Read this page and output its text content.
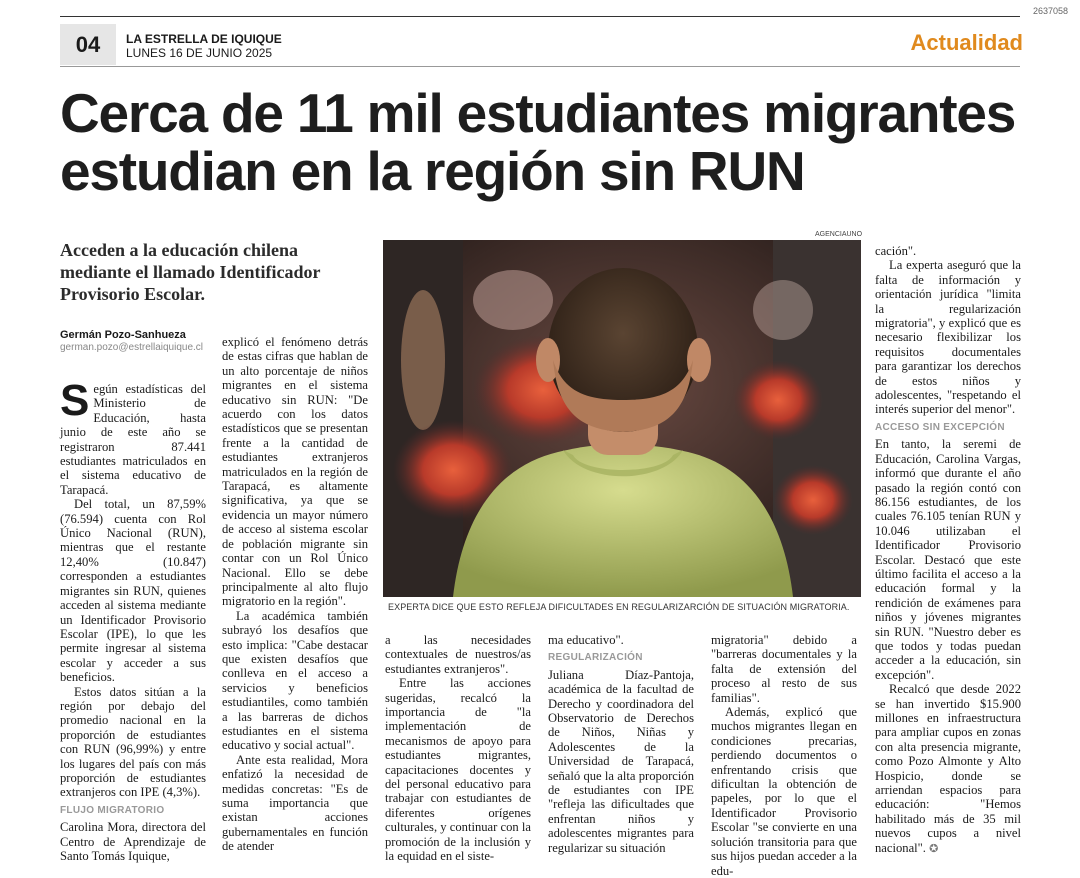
2637058
04	LA ESTRELLA DE IQUIQUE
LUNES 16 DE JUNIO 2025	Actualidad
Cerca de 11 mil estudiantes migrantes estudian en la región sin RUN
Acceden a la educación chilena mediante el llamado Identificador Provisorio Escolar.
Germán Pozo-Sanhueza
german.pozo@estrellaiquique.cl
AGENCIAUNO
EXPERTA DICE QUE ESTO REFLEJA DIFICULTADES EN REGULARIZARCIÓN DE SITUACIÓN MIGRATORIA.

Según estadísticas del Ministerio de Educación, hasta junio de este año se registraron 87.441 estudiantes matriculados en el sistema educativo de Tarapacá.

Del total, un 87,59% (76.594) cuenta con Rol Único Nacional (RUN), mientras que el restante 12,40% (10.847) corresponden a estudiantes migrantes sin RUN, quienes acceden al sistema mediante un Identificador Provisorio Escolar (IPE), lo que les permite ingresar al sistema escolar y acceder a sus beneficios.

Estos datos sitúan a la región por debajo del promedio nacional en la proporción de estudiantes con RUN (96,99%) y entre los lugares del país con más proporción de estudiantes extranjeros con IPE (4,3%).

FLUJO MIGRATORIO

Carolina Mora, directora del Centro de Aprendizaje de Santo Tomás Iquique,

explicó el fenómeno detrás de estas cifras que hablan de un alto porcentaje de niños migrantes en el sistema educativo sin RUN: "De acuerdo con los datos estadísticos que se presentan frente a la cantidad de estudiantes extranjeros matriculados en la región de Tarapacá, es altamente significativa, ya que se evidencia un mayor número de acceso al sistema escolar de población migrante sin contar con un Rol Único Nacional. Ello se debe principalmente al alto flujo migratorio en la región".

La académica también subrayó los desafíos que esto implica: "Cabe destacar que existen desafíos que conlleva en el acceso a servicios y beneficios estudiantiles, como también a las barreras de dichos estudiantes en el sistema educativo y social actual".

Ante esta realidad, Mora enfatizó la necesidad de medidas concretas: "Es de suma importancia que existan acciones gubernamentales en función de atender

a las necesidades contextuales de nuestros/as estudiantes extranjeros".

Entre las acciones sugeridas, recalcó la importancia de "la implementación de mecanismos de apoyo para estudiantes migrantes, capacitaciones docentes y del personal educativo para trabajar con estudiantes de diferentes orígenes culturales, y continuar con la promoción de la inclusión y la equidad en el siste-

ma educativo".

REGULARIZACIÓN

Juliana Díaz-Pantoja, académica de la facultad de Derecho y coordinadora del Observatorio de Derechos de Niños, Niñas y Adolescentes de la Universidad de Tarapacá, señaló que la alta proporción de estudiantes con IPE "refleja las dificultades que enfrentan niños y adolescentes migrantes para regularizar su situación

migratoria" debido a "barreras documentales y la falta de extensión del proceso al resto de sus familias".

Además, explicó que muchos migrantes llegan en condiciones precarias, perdiendo documentos o enfrentando crisis que dificultan la obtención de papeles, por lo que el Identificador Provisorio Escolar "se convierte en una solución transitoria para que sus hijos puedan acceder a la edu-

cación".

La experta aseguró que la falta de información y orientación jurídica "limita la regularización migratoria", y explicó que es necesario flexibilizar los requisitos documentales para garantizar los derechos de estos niños y adolescentes, "respetando el interés superior del menor".

ACCESO SIN EXCEPCIÓN

En tanto, la seremi de Educación, Carolina Vargas, informó que durante el año pasado la región contó con 86.156 estudiantes, de los cuales 76.105 tenían RUN y 10.046 utilizaban el Identificador Provisorio Escolar. Destacó que este último facilita el acceso a la educación formal y la rendición de exámenes para niños y jóvenes migrantes sin RUN. "Nuestro deber es que todos y todas puedan acceder a la educación, sin excepción".

Recalcó que desde 2022 se han invertido $15.900 millones en infraestructura para ampliar cupos en zonas con alta presencia migrante, como Pozo Almonte y Alto Hospicio, donde se arriendan espacios para educación: "Hemos habilitado más de 35 mil nuevos cupos a nivel nacional". ✪
